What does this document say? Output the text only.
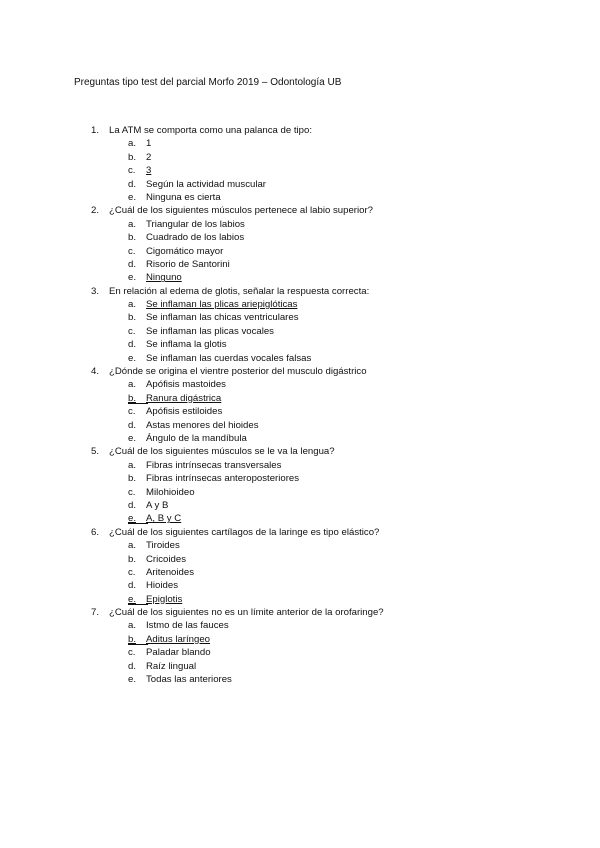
Preguntas tipo test del parcial Morfo 2019 – Odontología UB
1. La ATM se comporta como una palanca de tipo:
a. 1
b. 2
c. 3
d. Según la actividad muscular
e. Ninguna es cierta
2. ¿Cuál de los siguientes músculos pertenece al labio superior?
a. Triangular de los labios
b. Cuadrado de los labios
c. Cigomático mayor
d. Risorio de Santorini
e. Ninguno
3. En relación al edema de glotis, señalar la respuesta correcta:
a. Se inflaman las plicas ariepiglóticas
b. Se inflaman las chicas ventriculares
c. Se inflaman las plicas vocales
d. Se inflama la glotis
e. Se inflaman las cuerdas vocales falsas
4. ¿Dónde se origina el vientre posterior del musculo digástrico
a. Apófisis mastoides
b. Ranura digástrica
c. Apófisis estiloides
d. Astas menores del hioides
e. Ángulo de la mandíbula
5. ¿Cuál de los siguientes músculos se le va la lengua?
a. Fibras intrínsecas transversales
b. Fibras intrínsecas anteroposteriores
c. Milohioideo
d. A y B
e. A, B y C
6. ¿Cuál de los siguientes cartílagos de la laringe es tipo elástico?
a. Tiroides
b. Cricoides
c. Aritenoides
d. Hioides
e. Epiglotis
7. ¿Cuál de los siguientes no es un límite anterior de la orofaringe?
a. Istmo de las fauces
b. Aditus laríngeo
c. Paladar blando
d. Raíz lingual
e. Todas las anteriores
